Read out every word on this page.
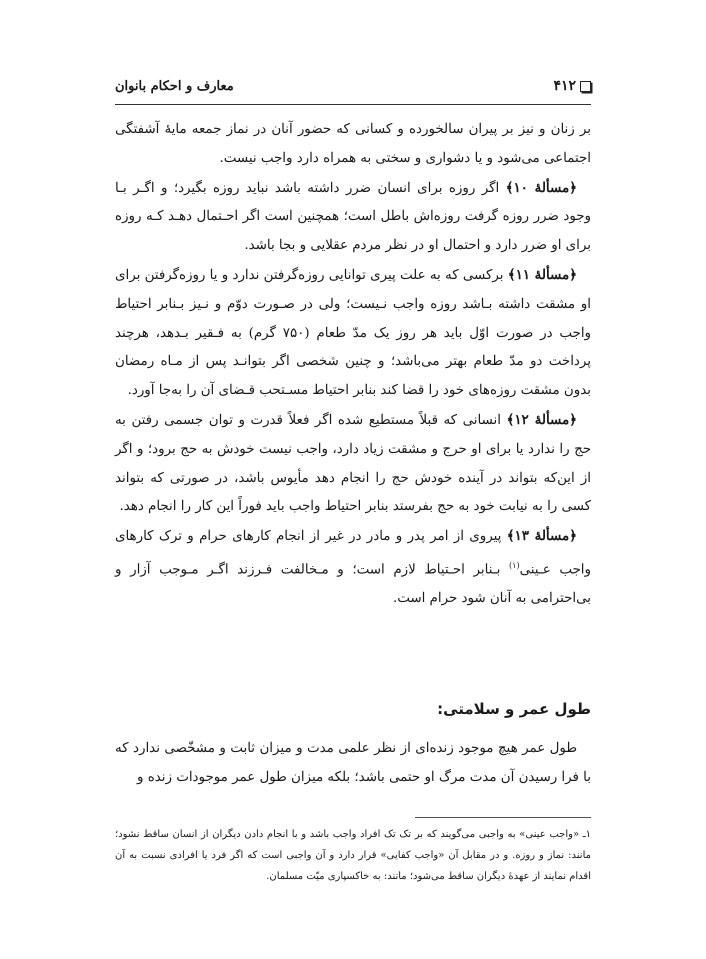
۴۱۲
معارف و احکام بانوان

بر زنان و نیز بر پیران سالخورده و کسانی که حضور آنان در نماز جمعه مایهٔ آشفتگی اجتماعی می‌شود و یا دشواری و سختی به همراه دارد واجب نیست.

﴿مسألهٔ ۱۰﴾ اگر روزه برای انسان ضرر داشته باشد نباید روزه بگیرد؛ و اگـر بـا وجود ضرر روزه گرفت روزه‌اش باطل است؛ همچنین است اگر احـتمال دهـد کـه روزه برای او ضرر دارد و احتمال او در نظر مردم عقلایی و بجا باشد.

﴿مسألهٔ ۱۱﴾ برکسی که به علت پیری توانایی روزه‌گرفتن ندارد و یا روزه‌گرفتن برای او مشقت داشته بـاشد روزه واجب نـیست؛ ولی در صـورت دوّم و نـیز بـنابر احتیاط واجب در صورت اوّل باید هر روز یک مدّ طعام (۷۵۰ گرم) به فـقیر بـدهد، هرچند پرداخت دو مدّ طعام بهتر می‌باشد؛ و چنین شخصی اگر بتوانـد پس از مـاه رمضان بدون مشقت روزه‌های خود را قضا کند بنابر احتیاط مسـتحب قـضای آن را به‌جا آورد.

﴿مسألهٔ ۱۲﴾ انسانی که قبلاً مستطیع شده اگر فعلاً قدرت و توان جسمی رفتن به حج را ندارد یا برای او حرج و مشقت زیاد دارد، واجب نیست خودش به حج برود؛ و اگر از این‌که بتواند در آینده خودش حج را انجام دهد مأیوس باشد، در صورتی که بتواند کسی را به نیابت خود به حج بفرستد بنابر احتیاط واجب باید فوراً این کار را انجام دهد.

﴿مسألهٔ ۱۳﴾ پیروی از امر پدر و مادر در غیر از انجام کارهای حرام و ترک کارهای واجب عـینی$^{(۱)}$ بـنابر احـتیاط لازم است؛ و مـخالفت فـرزند اگـر مـوجب آزار و بی‌احترامی به آنان شود حرام است.

طول عمر و سلامتی:

طول عمر هیچ موجود زنده‌ای از نظر علمی مدت و میزان ثابت و مشخّصی ندارد که با فرا رسیدن آن مدت مرگ او حتمی باشد؛ بلکه میزان طول عمر موجودات زنده و

۱ـ «واجب عینی» به واجبی می‌گویند که بر تک تک افراد واجب باشد و با انجام دادن دیگران از انسان ساقط نشود؛ مانند: نماز و روزه. و در مقابل آن «واجب کفایی» قرار دارد و آن واجبی است که اگر فرد یا افرادی نسبت به آن اقدام نمایند از عهدهٔ دیگران ساقط می‌شود؛ مانند: به خاکسپاری میّت مسلمان.
